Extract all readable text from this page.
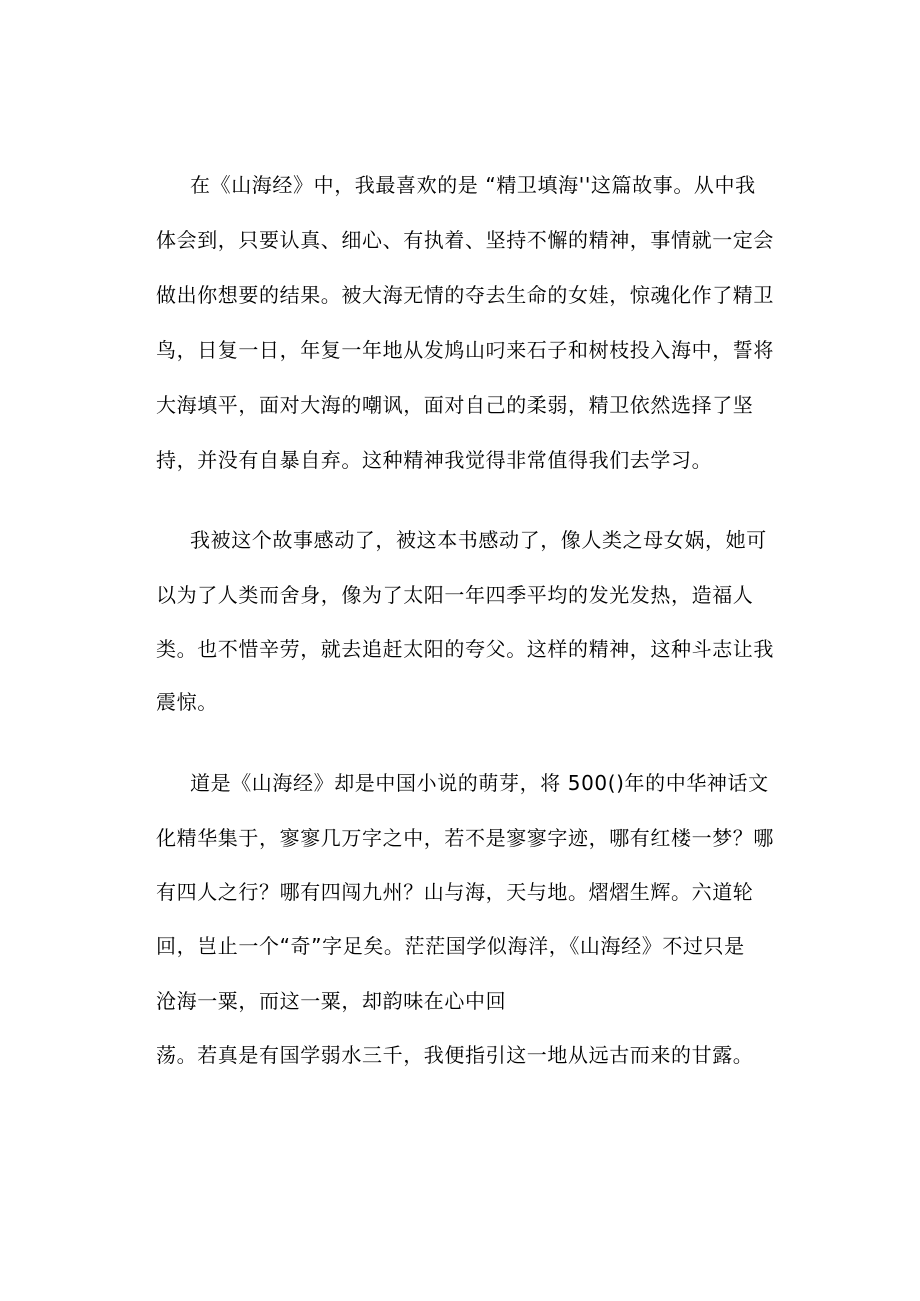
在《山海经》中，我最喜欢的是 “精卫填海''这篇故事。从中我

体会到，只要认真、细心、有执着、坚持不懈的精神，事情就一定会

做出你想要的结果。被大海无情的夺去生命的女娃，惊魂化作了精卫

鸟，日复一日，年复一年地从发鸠山叼来石子和树枝投入海中，誓将

大海填平，面对大海的嘲讽，面对自己的柔弱，精卫依然选择了坚

持，并没有自暴自弃。这种精神我觉得非常值得我们去学习。

我被这个故事感动了，被这本书感动了，像人类之母女娲，她可

以为了人类而舍身，像为了太阳一年四季平均的发光发热，造福人

类。也不惜辛劳，就去追赶太阳的夸父。这样的精神，这种斗志让我

震惊。

道是《山海经》却是中国小说的萌芽，将 500()年的中华神话文

化精华集于，寥寥几万字之中，若不是寥寥字迹，哪有红楼一梦？哪

有四人之行？哪有四闯九州？山与海，天与地。熠熠生辉。六道轮

回，岂止一个“奇”字足矣。茫茫国学似海洋，《山海经》不过只是

沧海一粟，而这一粟，却韵味在心中回

荡。若真是有国学弱水三千，我便指引这一地从远古而来的甘露。
